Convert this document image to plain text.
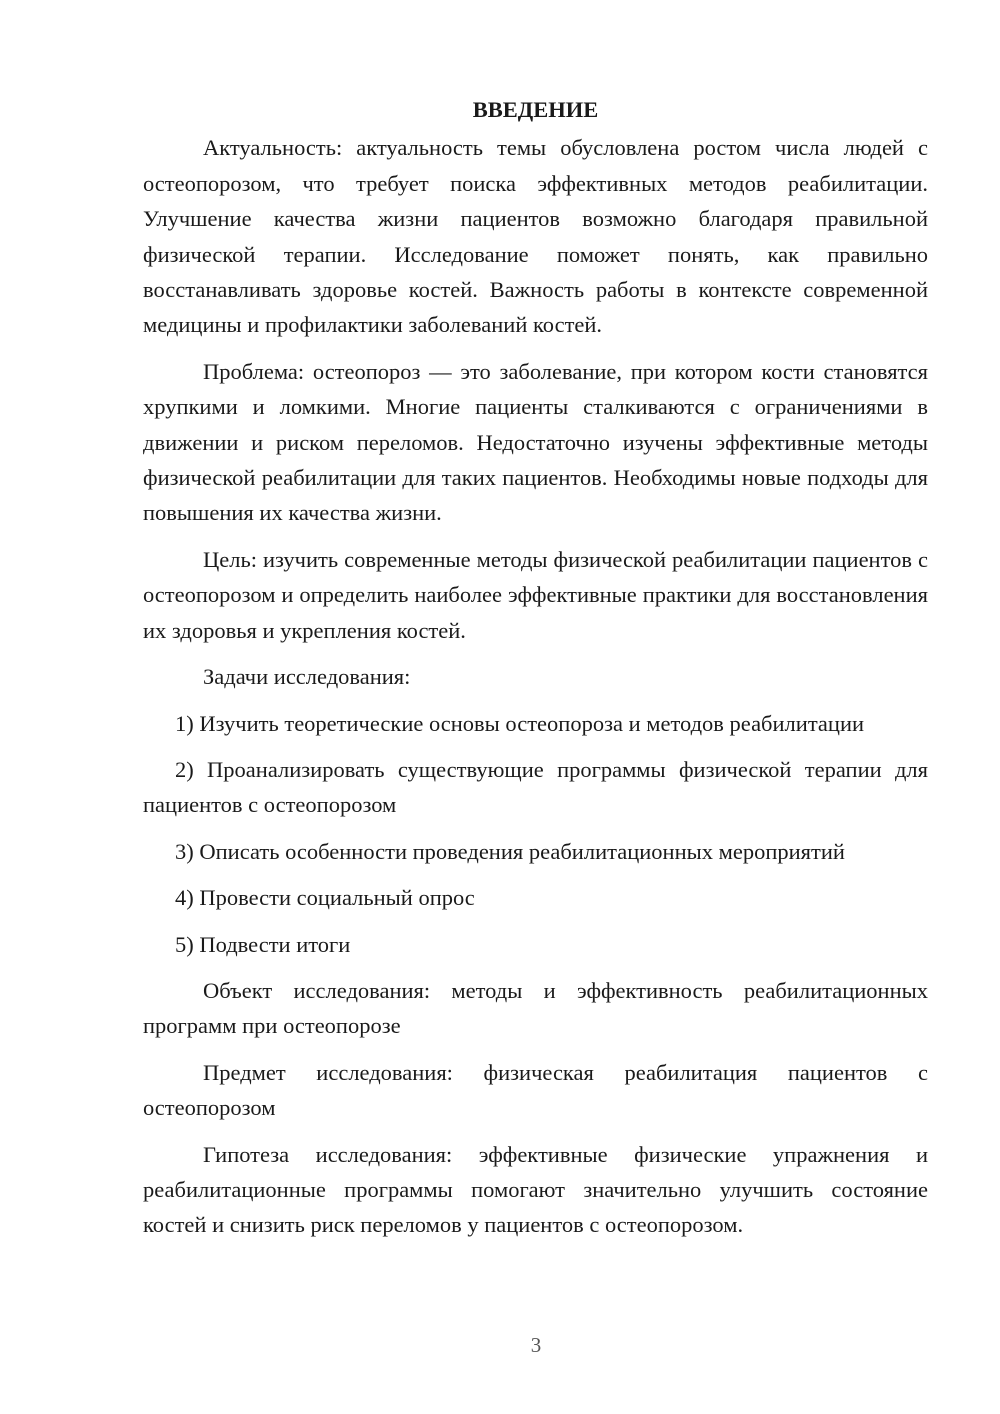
ВВЕДЕНИЕ

Актуальность: актуальность темы обусловлена ростом числа людей с остеопорозом, что требует поиска эффективных методов реабилитации. Улучшение качества жизни пациентов возможно благодаря правильной физической терапии. Исследование поможет понять, как правильно восстанавливать здоровье костей. Важность работы в контексте современной медицины и профилактики заболеваний костей.

Проблема: остеопороз — это заболевание, при котором кости становятся хрупкими и ломкими. Многие пациенты сталкиваются с ограничениями в движении и риском переломов. Недостаточно изучены эффективные методы физической реабилитации для таких пациентов. Необходимы новые подходы для повышения их качества жизни.

Цель: изучить современные методы физической реабилитации пациентов с остеопорозом и определить наиболее эффективные практики для восстановления их здоровья и укрепления костей.

Задачи исследования:

1) Изучить теоретические основы остеопороза и методов реабилитации

2) Проанализировать существующие программы физической терапии для пациентов с остеопорозом

3) Описать особенности проведения реабилитационных мероприятий

4) Провести социальный опрос

5) Подвести итоги

Объект исследования: методы и эффективность реабилитационных программ при остеопорозе

Предмет исследования: физическая реабилитация пациентов с остеопорозом

Гипотеза исследования: эффективные физические упражнения и реабилитационные программы помогают значительно улучшить состояние костей и снизить риск переломов у пациентов с остеопорозом.

3
